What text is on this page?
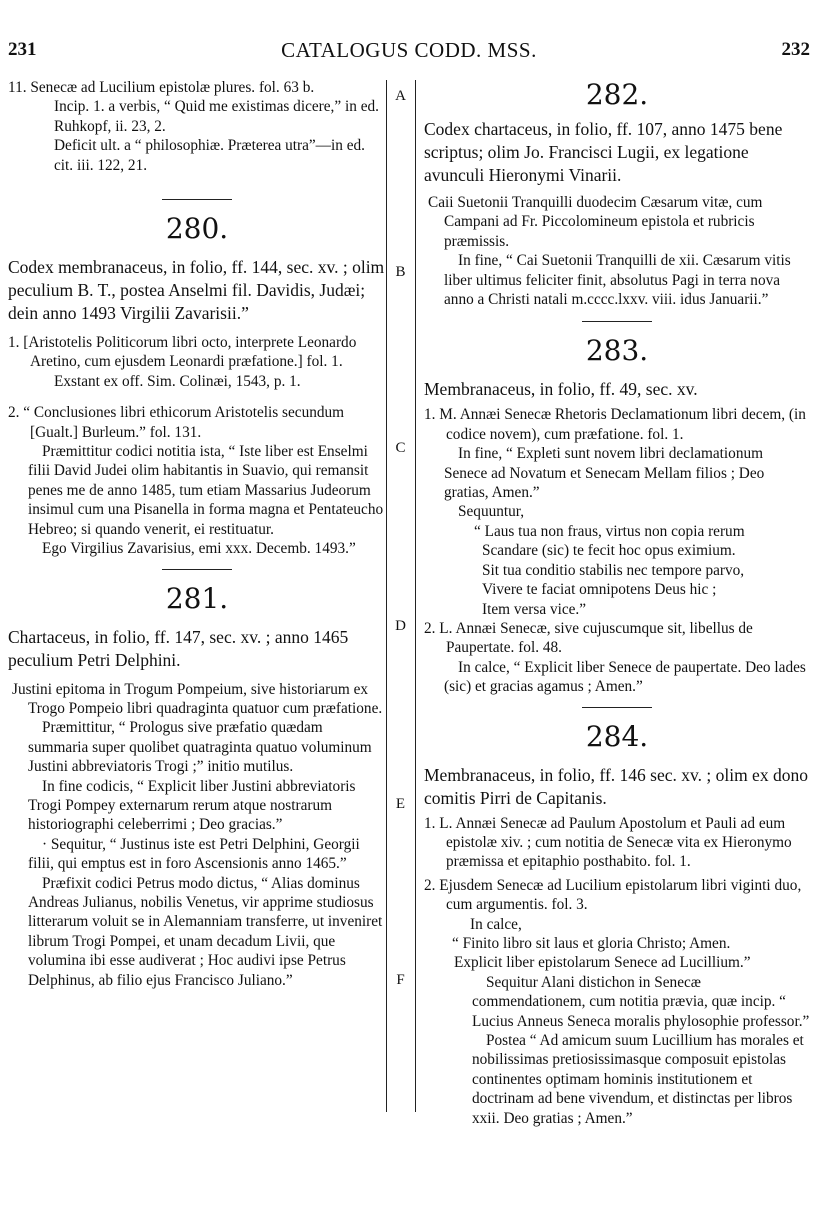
231	CATALOGUS CODD. MSS.	232
A
B
C
D
E
F

11. Senecæ ad Lucilium epistolæ plures. fol. 63 b.

Incip. 1. a verbis, “ Quid me existimas dicere,” in ed. Ruhkopf, ii. 23, 2.

Deficit ult. a “ philosophiæ. Præterea utra”—in ed. cit. iii. 122, 21.

280.

Codex membranaceus, in folio, ff. 144, sec. xv. ; olim peculium B. T., postea Anselmi fil. Davidis, Judæi; dein anno 1493 Virgilii Zavarisii.”

1. [Aristotelis Politicorum libri octo, interprete Leonardo Aretino, cum ejusdem Leonardi præfatione.] fol. 1.

Exstant ex off. Sim. Colinæi, 1543, p. 1.

2. “ Conclusiones libri ethicorum Aristotelis secundum [Gualt.] Burleum.” fol. 131.

Præmittitur codici notitia ista, “ Iste liber est Enselmi filii David Judei olim habitantis in Suavio, qui remansit penes me de anno 1485, tum etiam Massarius Judeorum insimul cum una Pisanella in forma magna et Pentateucho Hebreo; si quando venerit, ei restituatur.

Ego Virgilius Zavarisius, emi xxx. Decemb. 1493.”

281.

Chartaceus, in folio, ff. 147, sec. xv. ; anno 1465 peculium Petri Delphini.

Justini epitoma in Trogum Pompeium, sive historiarum ex Trogo Pompeio libri quadraginta quatuor cum præfatione.

Præmittitur, “ Prologus sive præfatio quædam summaria super quolibet quatraginta quatuo voluminum Justini abbreviatoris Trogi ;” initio mutilus.

In fine codicis, “ Explicit liber Justini abbreviatoris Trogi Pompey externarum rerum atque nostrarum historiographi celeberrimi ; Deo gracias.”

· Sequitur, “ Justinus iste est Petri Delphini, Georgii filii, qui emptus est in foro Ascensionis anno 1465.”

Præfixit codici Petrus modo dictus, “ Alias dominus Andreas Julianus, nobilis Venetus, vir apprime studiosus litterarum voluit se in Alemanniam transferre, ut inveniret librum Trogi Pompei, et unam decadum Livii, que volumina ibi esse audiverat ; Hoc audivi ipse Petrus Delphinus, ab filio ejus Francisco Juliano.”

282.

Codex chartaceus, in folio, ff. 107, anno 1475 bene scriptus; olim Jo. Francisci Lugii, ex legatione avunculi Hieronymi Vinarii.

Caii Suetonii Tranquilli duodecim Cæsarum vitæ, cum Campani ad Fr. Piccolomineum epistola et rubricis præmissis.

In fine, “ Cai Suetonii Tranquilli de xii. Cæsarum vitis liber ultimus feliciter finit, absolutus Pagi in terra nova anno a Christi natali m.cccc.lxxv. viii. idus Januarii.”

283.

Membranaceus, in folio, ff. 49, sec. xv.

1. M. Annæi Senecæ Rhetoris Declamationum libri decem, (in codice novem), cum præfatione. fol. 1.

In fine, “ Expleti sunt novem libri declamationum Senece ad Novatum et Senecam Mellam filios ; Deo gratias, Amen.”

Sequuntur,

“ Laus tua non fraus, virtus non copia rerum

Scandare (sic) te fecit hoc opus eximium.

Sit tua conditio stabilis nec tempore parvo,

Vivere te faciat omnipotens Deus hic ;

Item versa vice.”

2. L. Annæi Senecæ, sive cujuscumque sit, libellus de Paupertate. fol. 48.

In calce, “ Explicit liber Senece de paupertate. Deo lades (sic) et gracias agamus ; Amen.”

284.

Membranaceus, in folio, ff. 146 sec. xv. ; olim ex dono comitis Pirri de Capitanis.

1. L. Annæi Senecæ ad Paulum Apostolum et Pauli ad eum epistolæ xiv. ; cum notitia de Senecæ vita ex Hieronymo præmissa et epitaphio posthabito. fol. 1.

2. Ejusdem Senecæ ad Lucilium epistolarum libri viginti duo, cum argumentis. fol. 3.

In calce,

“ Finito libro sit laus et gloria Christo; Amen.

Explicit liber epistolarum Senece ad Lucillium.”

Sequitur Alani distichon in Senecæ commendationem, cum notitia prævia, quæ incip. “ Lucius Anneus Seneca moralis phylosophie professor.”

Postea “ Ad amicum suum Lucillium has morales et nobilissimas pretiosissimasque composuit epistolas continentes optimam hominis institutionem et doctrinam ad bene vivendum, et distinctas per libros xxii. Deo gratias ; Amen.”
